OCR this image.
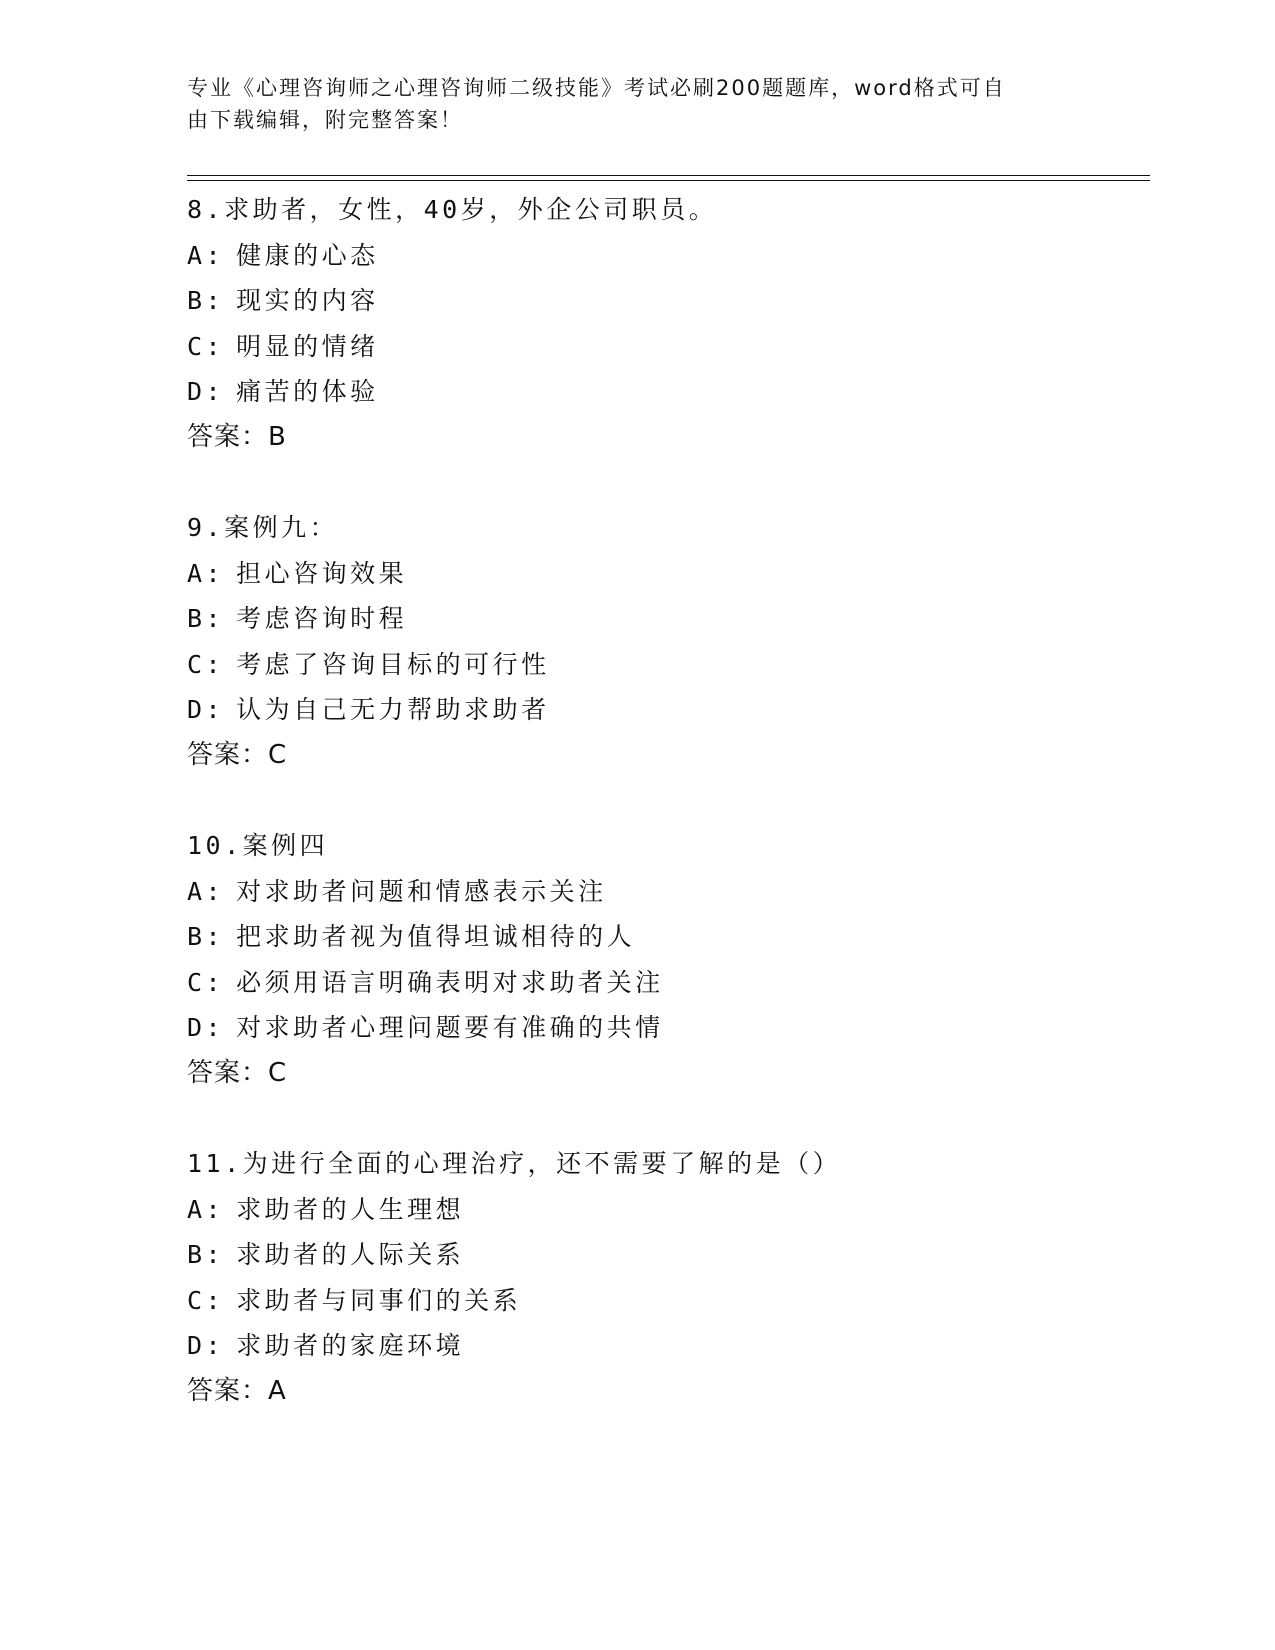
专业《心理咨询师之心理咨询师二级技能》考试必刷200题题库，word格式可自
由下载编辑，附完整答案！
8.求助者，女性，40岁，外企公司职员。
A: 健康的心态
B: 现实的内容
C: 明显的情绪
D: 痛苦的体验
答案：B
9.案例九：
A: 担心咨询效果
B: 考虑咨询时程
C: 考虑了咨询目标的可行性
D: 认为自己无力帮助求助者
答案：C
10.案例四
A: 对求助者问题和情感表示关注
B: 把求助者视为值得坦诚相待的人
C: 必须用语言明确表明对求助者关注
D: 对求助者心理问题要有准确的共情
答案：C
11.为进行全面的心理治疗，还不需要了解的是（）
A: 求助者的人生理想
B: 求助者的人际关系
C: 求助者与同事们的关系
D: 求助者的家庭环境
答案：A
